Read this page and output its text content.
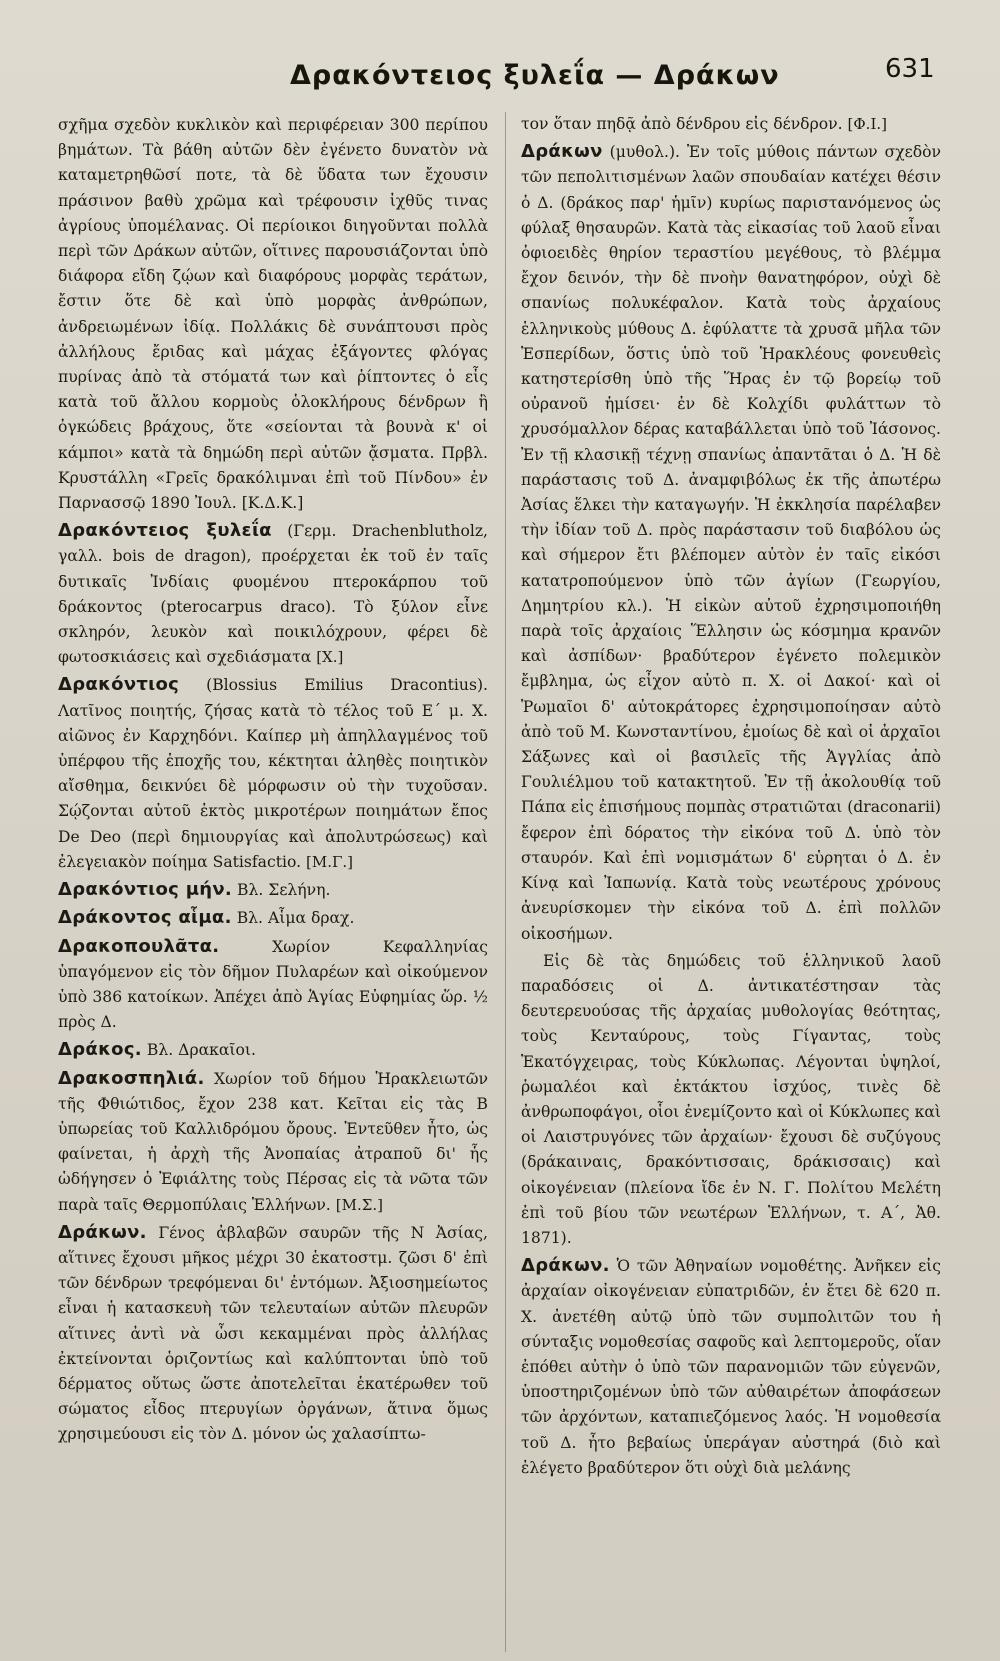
Δρακόντειος ξυλεΐα — Δράκων	631

σχῆμα σχεδὸν κυκλικὸν καὶ περιφέρειαν 300 περίπου βημάτων. Τὰ βάθη αὐτῶν δὲν ἐγένετο δυνατὸν νὰ καταμετρηθῶσί ποτε, τὰ δὲ ὕδατα των ἔχουσιν πράσινον βαθὺ χρῶμα καὶ τρέφουσιν ἰχθῦς τινας ἀγρίους ὑπομέλανας. Οἱ περίοικοι διηγοῦνται πολλὰ περὶ τῶν Δράκων αὐτῶν, οἵτινες παρουσιάζονται ὑπὸ διάφορα εἴδη ζῴων καὶ διαφόρους μορφὰς τεράτων, ἔστιν ὅτε δὲ καὶ ὑπὸ μορφὰς ἀνθρώπων, ἀνδρειωμένων ἰδίᾳ. Πολλάκις δὲ συνάπτουσι πρὸς ἀλλήλους ἔριδας καὶ μάχας ἐξάγοντες φλόγας πυρίνας ἀπὸ τὰ στόματά των καὶ ῥίπτοντες ὁ εἷς κατὰ τοῦ ἄλλου κορμοὺς ὁλοκλήρους δένδρων ἢ ὀγκώδεις βράχους, ὅτε «σείονται τὰ βουνὰ κ' οἱ κάμποι» κατὰ τὰ δημώδη περὶ αὐτῶν ᾄσματα. Πρβλ. Κρυστάλλη «Γρεῖς δρακόλιμναι ἐπὶ τοῦ Πίνδου» ἐν Παρνασσῷ 1890 Ἰουλ. [Κ.Δ.Κ.]

Δρακόντειος ξυλεΐα (Γερμ. Drachenblutholz, γαλλ. bois de dragon), προέρχεται ἐκ τοῦ ἐν ταῖς δυτικαῖς Ἰνδίαις φυομένου πτεροκάρπου τοῦ δράκοντος (pterocarpus draco). Τὸ ξύλον εἶνε σκληρόν, λευκὸν καὶ ποικιλόχρουν, φέρει δὲ φωτοσκιάσεις καὶ σχεδιάσματα [Χ.]

Δρακόντιος (Blossius Emilius Dracontius). Λατῖνος ποιητής, ζήσας κατὰ τὸ τέλος τοῦ Ε´ μ. Χ. αἰῶνος ἐν Καρχηδόνι. Καίπερ μὴ ἀπηλλαγμένος τοῦ ὑπέρφου τῆς ἐποχῆς του, κέκτηται ἀληθὲς ποιητικὸν αἴσθημα, δεικνύει δὲ μόρφωσιν οὐ τὴν τυχοῦσαν. Σῴζονται αὐτοῦ ἐκτὸς μικροτέρων ποιημάτων ἔπος De Deo (περὶ δημιουργίας καὶ ἀπολυτρώσεως) καὶ ἐλεγειακὸν ποίημα Satisfactio. [Μ.Γ.]

Δρακόντιος μήν. Βλ. Σελήνη.

Δράκοντος αἷμα. Βλ. Αἷμα δραχ.

Δρακοπουλᾶτα.	Χωρίον Κεφαλληνίας ὑπαγόμενον εἰς τὸν δῆμον Πυλαρέων καὶ οἰκούμενον ὑπὸ 386 κατοίκων. Ἀπέχει ἀπὸ Ἁγίας Εὐφημίας ὥρ. ½ πρὸς Δ.

Δράκος. Βλ. Δρακαῖοι.

Δρακοσπηλιά. Χωρίον τοῦ δήμου Ἡρακλειωτῶν τῆς Φθιώτιδος, ἔχον 238 κατ. Κεῖται εἰς τὰς Β ὑπωρείας τοῦ Καλλιδρόμου ὄρους. Ἐντεῦθεν ἦτο, ὡς φαίνεται, ἡ ἀρχὴ τῆς Ἀνοπαίας ἀτραποῦ δι' ἧς ὡδήγησεν ὁ Ἐφιάλτης τοὺς Πέρσας εἰς τὰ νῶτα τῶν παρὰ ταῖς Θερμοπύλαις Ἑλλήνων. [Μ.Σ.]

Δράκων. Γένος ἀβλαβῶν σαυρῶν τῆς Ν Ἀσίας, αἵτινες ἔχουσι μῆκος μέχρι 30 ἑκατοστμ. ζῶσι δ' ἐπὶ τῶν δένδρων τρεφόμεναι δι' ἐντόμων. Ἀξιοσημείωτος εἶναι ἡ κατασκευὴ τῶν τελευταίων αὐτῶν πλευρῶν αἵτινες ἀντὶ νὰ ὦσι κεκαμμέναι πρὸς ἀλλήλας ἐκτείνονται ὁριζοντίως καὶ καλύπτονται ὑπὸ τοῦ δέρματος οὕτως ὥστε ἀποτελεῖται ἑκατέρωθεν τοῦ σώματος εἶδος πτερυγίων ὀργάνων, ἅτινα ὅμως χρησιμεύουσι εἰς τὸν Δ. μόνον ὡς χαλασίπτω-

τον ὅταν πηδᾷ ἀπὸ δένδρου εἰς δένδρον. [Φ.Ι.]

Δράκων (μυθολ.). Ἐν τοῖς μύθοις πάντων σχεδὸν τῶν πεπολιτισμένων λαῶν σπουδαίαν κατέχει θέσιν ὁ Δ. (δράκος παρ' ἡμῖν) κυρίως παριστανόμενος ὡς φύλαξ θησαυρῶν. Κατὰ τὰς εἰκασίας τοῦ λαοῦ εἶναι ὀφιοειδὲς θηρίον τεραστίου μεγέθους, τὸ βλέμμα ἔχον δεινόν, τὴν δὲ πνοὴν θανατηφόρον, οὐχὶ δὲ σπανίως πολυκέφαλον. Κατὰ τοὺς ἀρχαίους ἑλληνικοὺς μύθους Δ. ἐφύλαττε τὰ χρυσᾶ μῆλα τῶν Ἑσπερίδων, ὅστις ὑπὸ τοῦ Ἡρακλέους φονευθεὶς κατηστερίσθη ὑπὸ τῆς Ἥρας ἐν τῷ βορείῳ τοῦ οὐρανοῦ ἡμίσει· ἐν δὲ Κολχίδι φυλάττων τὸ χρυσόμαλλον δέρας καταβάλλεται ὑπὸ τοῦ Ἰάσονος. Ἐν τῇ κλασικῇ τέχνῃ σπανίως ἀπαντᾶται ὁ Δ. Ἡ δὲ παράστασις τοῦ Δ. ἀναμφιβόλως ἐκ τῆς ἀπωτέρω Ἀσίας ἕλκει τὴν καταγωγήν. Ἡ ἐκκλησία παρέλαβεν τὴν ἰδίαν τοῦ Δ. πρὸς παράστασιν τοῦ διαβόλου ὡς καὶ σήμερον ἔτι βλέπομεν αὐτὸν ἐν ταῖς εἰκόσι κατατροπούμενον ὑπὸ τῶν ἁγίων (Γεωργίου, Δημητρίου κλ.). Ἡ εἰκὼν αὐτοῦ ἐχρησιμοποιήθη παρὰ τοῖς ἀρχαίοις Ἕλλησιν ὡς κόσμημα κρανῶν καὶ ἀσπίδων· βραδύτερον ἐγένετο πολεμικὸν ἔμβλημα, ὡς εἶχον αὐτὸ π. Χ. οἱ Δακοί· καὶ οἱ Ῥωμαῖοι δ' αὐτοκράτορες ἐχρησιμοποίησαν αὐτὸ ἀπὸ τοῦ Μ. Κωνσταντίνου, ἐμοίως δὲ καὶ οἱ ἀρχαῖοι Σάξωνες καὶ οἱ βασιλεῖς τῆς Ἀγγλίας ἀπὸ Γουλιέλμου τοῦ κατακτητοῦ. Ἐν τῇ ἀκολουθίᾳ τοῦ Πάπα εἰς ἐπισήμους πομπὰς στρατιῶται (draconarii) ἔφερον ἐπὶ δόρατος τὴν εἰκόνα τοῦ Δ. ὑπὸ τὸν σταυρόν. Καὶ ἐπὶ νομισμάτων δ' εὑρηται ὁ Δ. ἐν Κίνᾳ καὶ Ἰαπωνίᾳ. Κατὰ τοὺς νεωτέρους χρόνους ἀνευρίσκομεν τὴν εἰκόνα τοῦ Δ. ἐπὶ πολλῶν οἰκοσήμων.

Εἰς δὲ τὰς δημώδεις τοῦ ἑλληνικοῦ λαοῦ παραδόσεις οἱ Δ. ἀντικατέστησαν τὰς δευτερευούσας τῆς ἀρχαίας μυθολογίας θεότητας, τοὺς Κενταύρους, τοὺς Γίγαντας, τοὺς Ἑκατόγχειρας, τοὺς Κύκλωπας. Λέγονται ὑψηλοί, ῥωμαλέοι καὶ ἐκτάκτου ἰσχύος, τινὲς δὲ ἀνθρωποφάγοι, οἷοι ἐνεμίζοντο καὶ οἱ Κύκλωπες καὶ οἱ Λαιστρυγόνες τῶν ἀρχαίων· ἔχουσι δὲ συζύγους (δράκαιναις, δρακόντισσαις, δράκισσαις) καὶ οἰκογένειαν (πλείονα ἴδε ἐν Ν. Γ. Πολίτου Μελέτη ἐπὶ τοῦ βίου τῶν νεωτέρων Ἑλλήνων, τ. Α´, Ἀθ. 1871).

Δράκων. Ὁ τῶν Ἀθηναίων νομοθέτης. Ἀνῆκεν εἰς ἀρχαίαν οἰκογένειαν εὐπατριδῶν, ἐν ἔτει δὲ 620 π. Χ. ἀνετέθη αὐτῷ ὑπὸ τῶν συμπολιτῶν του ἡ σύνταξις νομοθεσίας σαφοῦς καὶ λεπτομεροῦς, οἵαν ἐπόθει αὐτὴν ὁ ὑπὸ τῶν παρανομιῶν τῶν εὐγενῶν, ὑποστηριζομένων ὑπὸ τῶν αὐθαιρέτων ἀποφάσεων τῶν ἀρχόντων, καταπιεζόμενος λαός. Ἡ νομοθεσία τοῦ Δ. ἦτο βεβαίως ὑπεράγαν αὐστηρά (διὸ καὶ ἐλέγετο βραδύτερον ὅτι οὐχὶ διὰ μελάνης
